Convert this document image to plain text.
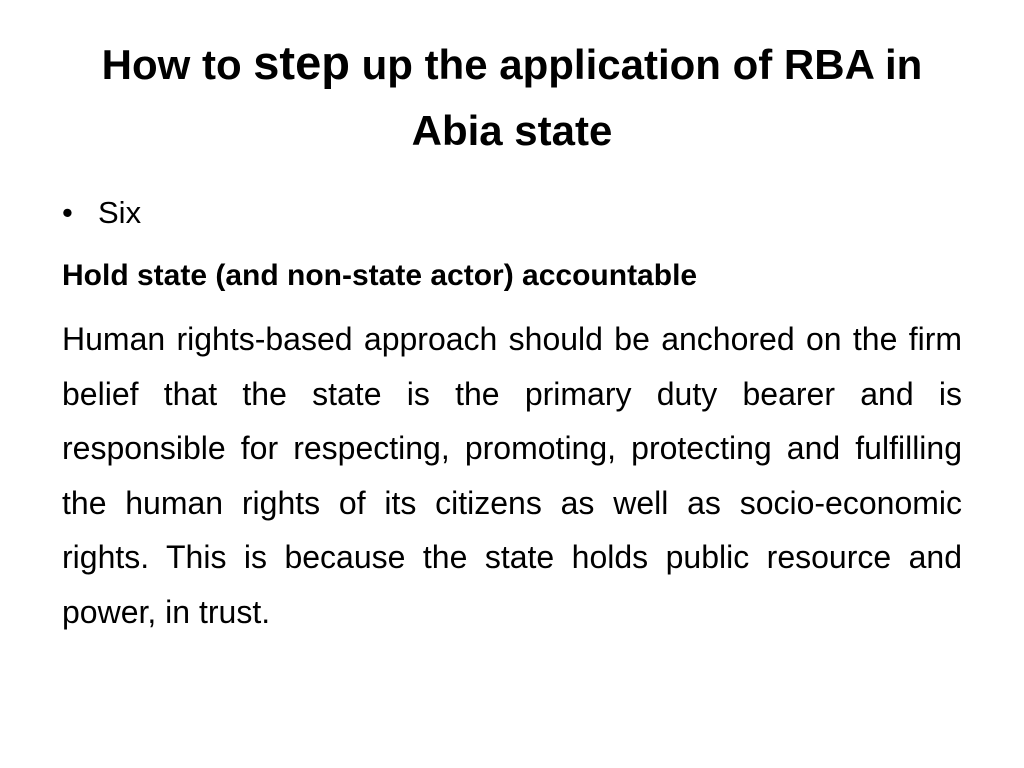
How to step up the application of RBA in Abia state
• Six

Hold state (and non-state actor) accountable

Human rights-based approach should be anchored on the firm belief that the state is the primary duty bearer and is responsible for respecting, promoting, protecting and fulfilling the human rights of its citizens as well as socio-economic rights. This is because the state holds public resource and power, in trust.
